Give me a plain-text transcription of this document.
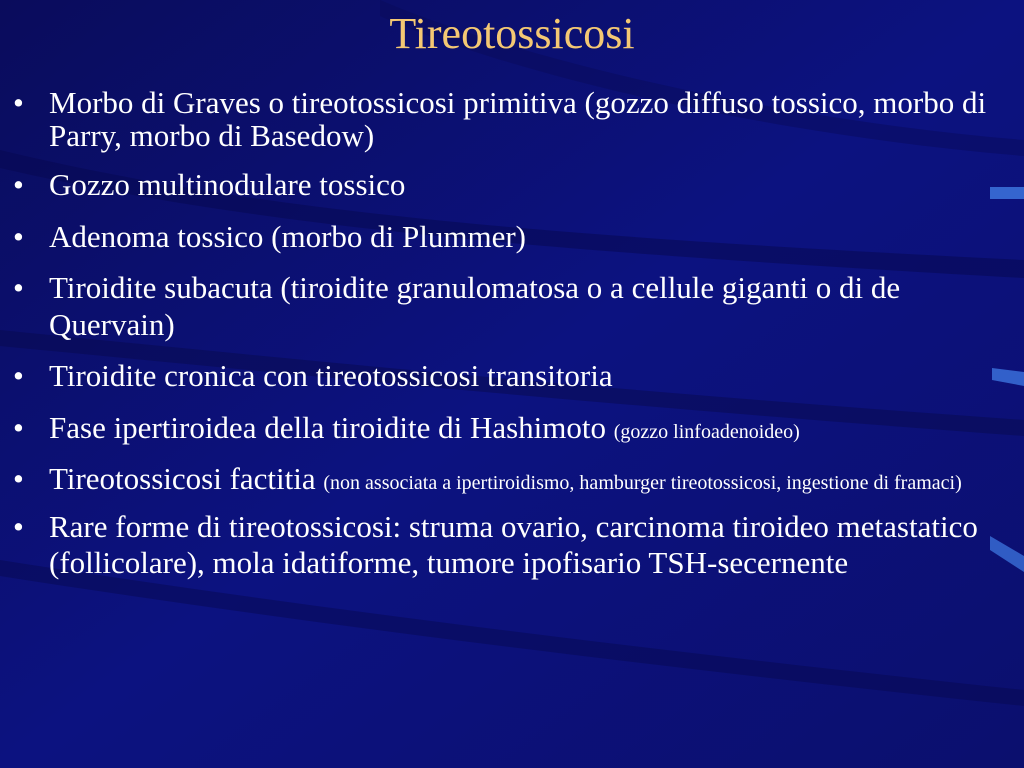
Tireotossicosi
• Morbo di Graves o tireotossicosi primitiva (gozzo diffuso tossico, morbo di Parry, morbo di Basedow)
• Gozzo multinodulare tossico
• Adenoma tossico (morbo di Plummer)
• Tiroidite subacuta (tiroidite granulomatosa o a cellule giganti o di de Quervain)
• Tiroidite cronica con tireotossicosi transitoria
• Fase ipertiroidea della tiroidite di Hashimoto (gozzo linfoadenoideo)
• Tireotossicosi factitia (non associata a ipertiroidismo, hamburger tireotossicosi, ingestione di framaci)
• Rare forme di tireotossicosi: struma ovario, carcinoma tiroideo metastatico (follicolare), mola idatiforme, tumore ipofisario TSH-secernente
